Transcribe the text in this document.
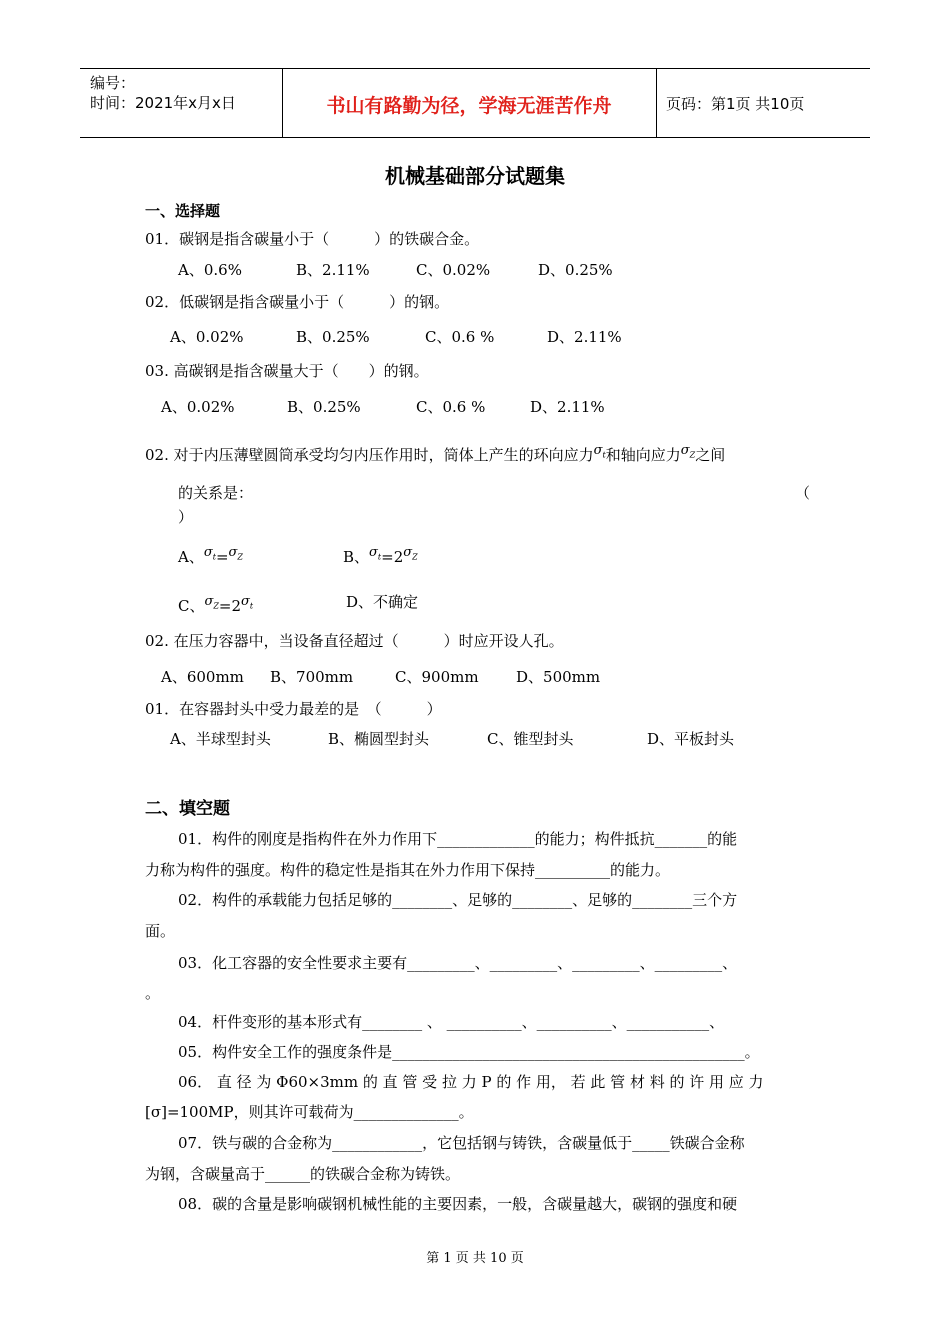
编号：
时间：2021年x月x日	书山有路勤为径，学海无涯苦作舟	页码：第1页 共10页
机械基础部分试题集
一、选择题
01．碳钢是指含碳量小于（　　　）的铁碳合金。
A、0.6%	B、2.11%	C、0.02%	D、0.25%
02．低碳钢是指含碳量小于（　　　）的钢。
A、0.02%	B、0.25%	C、0.6 %	D、2.11%
03. 高碳钢是指含碳量大于（　　）的钢。
A、0.02%	B、0.25%	C、0.6 %	D、2.11%
02. 对于内压薄壁圆筒承受均匀内压作用时，筒体上产生的环向应力$\sigma_t$和轴向应力$\sigma_Z$之间
的关系是：	（
）
A、$\sigma_t=\sigma_Z$	B、$\sigma_t=2\sigma_Z$
C、$\sigma_Z=2\sigma_t$	D、不确定
02. 在压力容器中，当设备直径超过（　　　）时应开设人孔。
A、600mm B、700mm	C、900mm D、500mm
01．在容器封头中受力最差的是　（　　　）
A、半球型封头	B、椭圆型封头	C、锥型封头	D、平板封头
二、填空题
01．构件的刚度是指构件在外力作用下_____________的能力；构件抵抗_______的能
力称为构件的强度。构件的稳定性是指其在外力作用下保持__________的能力。
02．构件的承载能力包括足够的________、足够的________、足够的________三个方
面。
03．化工容器的安全性要求主要有_________、_________、_________、_________、
。
04．杆件变形的基本形式有________ 、 __________、__________、___________、
05．构件安全工作的强度条件是_______________________________________________。
06． 直 径 为 Φ60×3mm 的 直 管 受 拉 力 P 的 作 用， 若 此 管 材 料 的 许 用 应 力
[σ]=100MP，则其许可载荷为______________。
07．铁与碳的合金称为____________，它包括钢与铸铁，含碳量低于_____铁碳合金称
为钢，含碳量高于______的铁碳合金称为铸铁。
08．碳的含量是影响碳钢机械性能的主要因素，一般，含碳量越大，碳钢的强度和硬
第 1 页 共 10 页
